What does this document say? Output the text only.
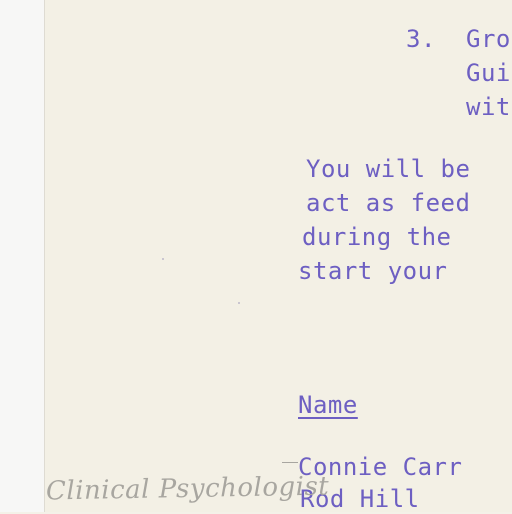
3. Gro
Gui
wit
You will be
act as feed
during the
start your
Name
Connie Carr
Rod Hill
Clinical Psychologist
